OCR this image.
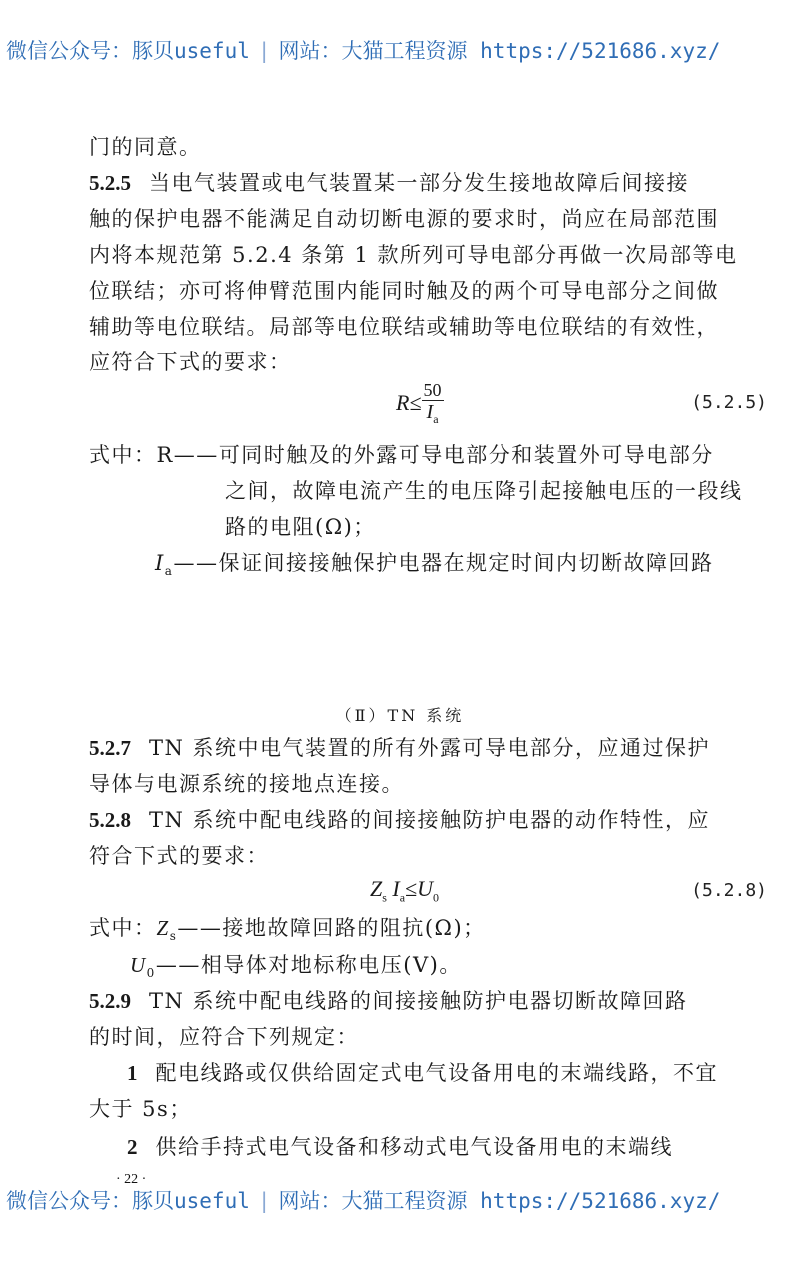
微信公众号：豚贝useful | 网站：大猫工程资源 https://521686.xyz/
门的同意。
5.2.5 当电气装置或电气装置某一部分发生接地故障后间接接
触的保护电器不能满足自动切断电源的要求时，尚应在局部范围
内将本规范第 5.2.4 条第 1 款所列可导电部分再做一次局部等电
位联结；亦可将伸臂范围内能同时触及的两个可导电部分之间做
辅助等电位联结。局部等电位联结或辅助等电位联结的有效性，
应符合下式的要求：
$R\le \frac{50}{I_a}$	(5.2.5)
式中：R——可同时触及的外露可导电部分和装置外可导电部分
之间，故障电流产生的电压降引起接触电压的一段线
路的电阻(Ω)；
$I_a——$保证间接接触保护电器在规定时间内切断故障回路
（Ⅱ）TN 系统
5.2.7 TN 系统中电气装置的所有外露可导电部分，应通过保护
导体与电源系统的接地点连接。
5.2.8 TN 系统中配电线路的间接接触防护电器的动作特性，应
符合下式的要求：
$Z_s$ $I_a\le U_0$	(5.2.8)
式中：$Z_s——$接地故障回路的阻抗(Ω)；
$U_0——$相导体对地标称电压(V)。
5.2.9 TN 系统中配电线路的间接接触防护电器切断故障回路
的时间，应符合下列规定：
1 配电线路或仅供给固定式电气设备用电的末端线路，不宜
大于 5s；
2 供给手持式电气设备和移动式电气设备用电的末端线
· 22 ·
微信公众号：豚贝useful | 网站：大猫工程资源 https://521686.xyz/
